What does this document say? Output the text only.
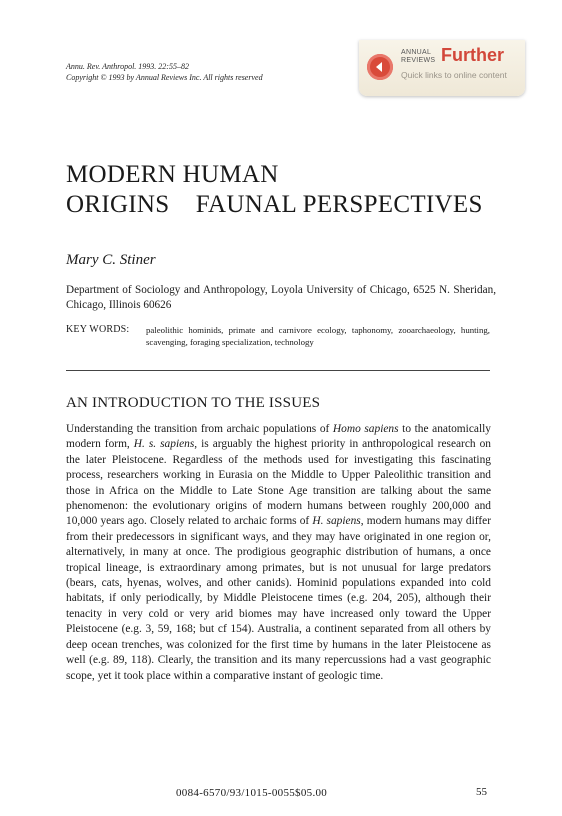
Annu. Rev. Anthropol. 1993. 22:55–82
Copyright © 1993 by Annual Reviews Inc. All rights reserved
ANNUAL
REVIEWS Further
Quick links to online content
MODERN HUMAN
ORIGINS    FAUNAL PERSPECTIVES
Mary C. Stiner
Department of Sociology and Anthropology, Loyola University of Chicago, 6525 N. Sheridan, Chicago, Illinois 60626
KEY WORDS: paleolithic hominids, primate and carnivore ecology, taphonomy, zooarchaeology, hunting, scavenging, foraging specialization, technology
AN INTRODUCTION TO THE ISSUES
Understanding the transition from archaic populations of Homo sapiens to the anatomically modern form, H. s. sapiens, is arguably the highest priority in anthropological research on the later Pleistocene. Regardless of the methods used for investigating this fascinating process, researchers working in Eurasia on the Middle to Upper Paleolithic transition and those in Africa on the Middle to Late Stone Age transition are talking about the same phenomenon: the evolutionary origins of modern humans between roughly 200,000 and 10,000 years ago. Closely related to archaic forms of H. sapiens, modern humans may differ from their predecessors in significant ways, and they may have originated in one region or, alternatively, in many at once. The prodigious geographic distribution of humans, a once tropical lineage, is extraordinary among primates, but is not unusual for large predators (bears, cats, hyenas, wolves, and other canids). Hominid populations expanded into cold habitats, if only periodically, by Middle Pleistocene times (e.g. 204, 205), although their tenacity in very cold or very arid biomes may have increased only toward the Upper Pleistocene (e.g. 3, 59, 168; but cf 154). Australia, a continent separated from all others by deep ocean trenches, was colonized for the first time by humans in the later Pleistocene as well (e.g. 89, 118). Clearly, the transition and its many repercussions had a vast geographic scope, yet it took place within a comparative instant of geologic time.
0084-6570/93/1015-0055$05.00	55
